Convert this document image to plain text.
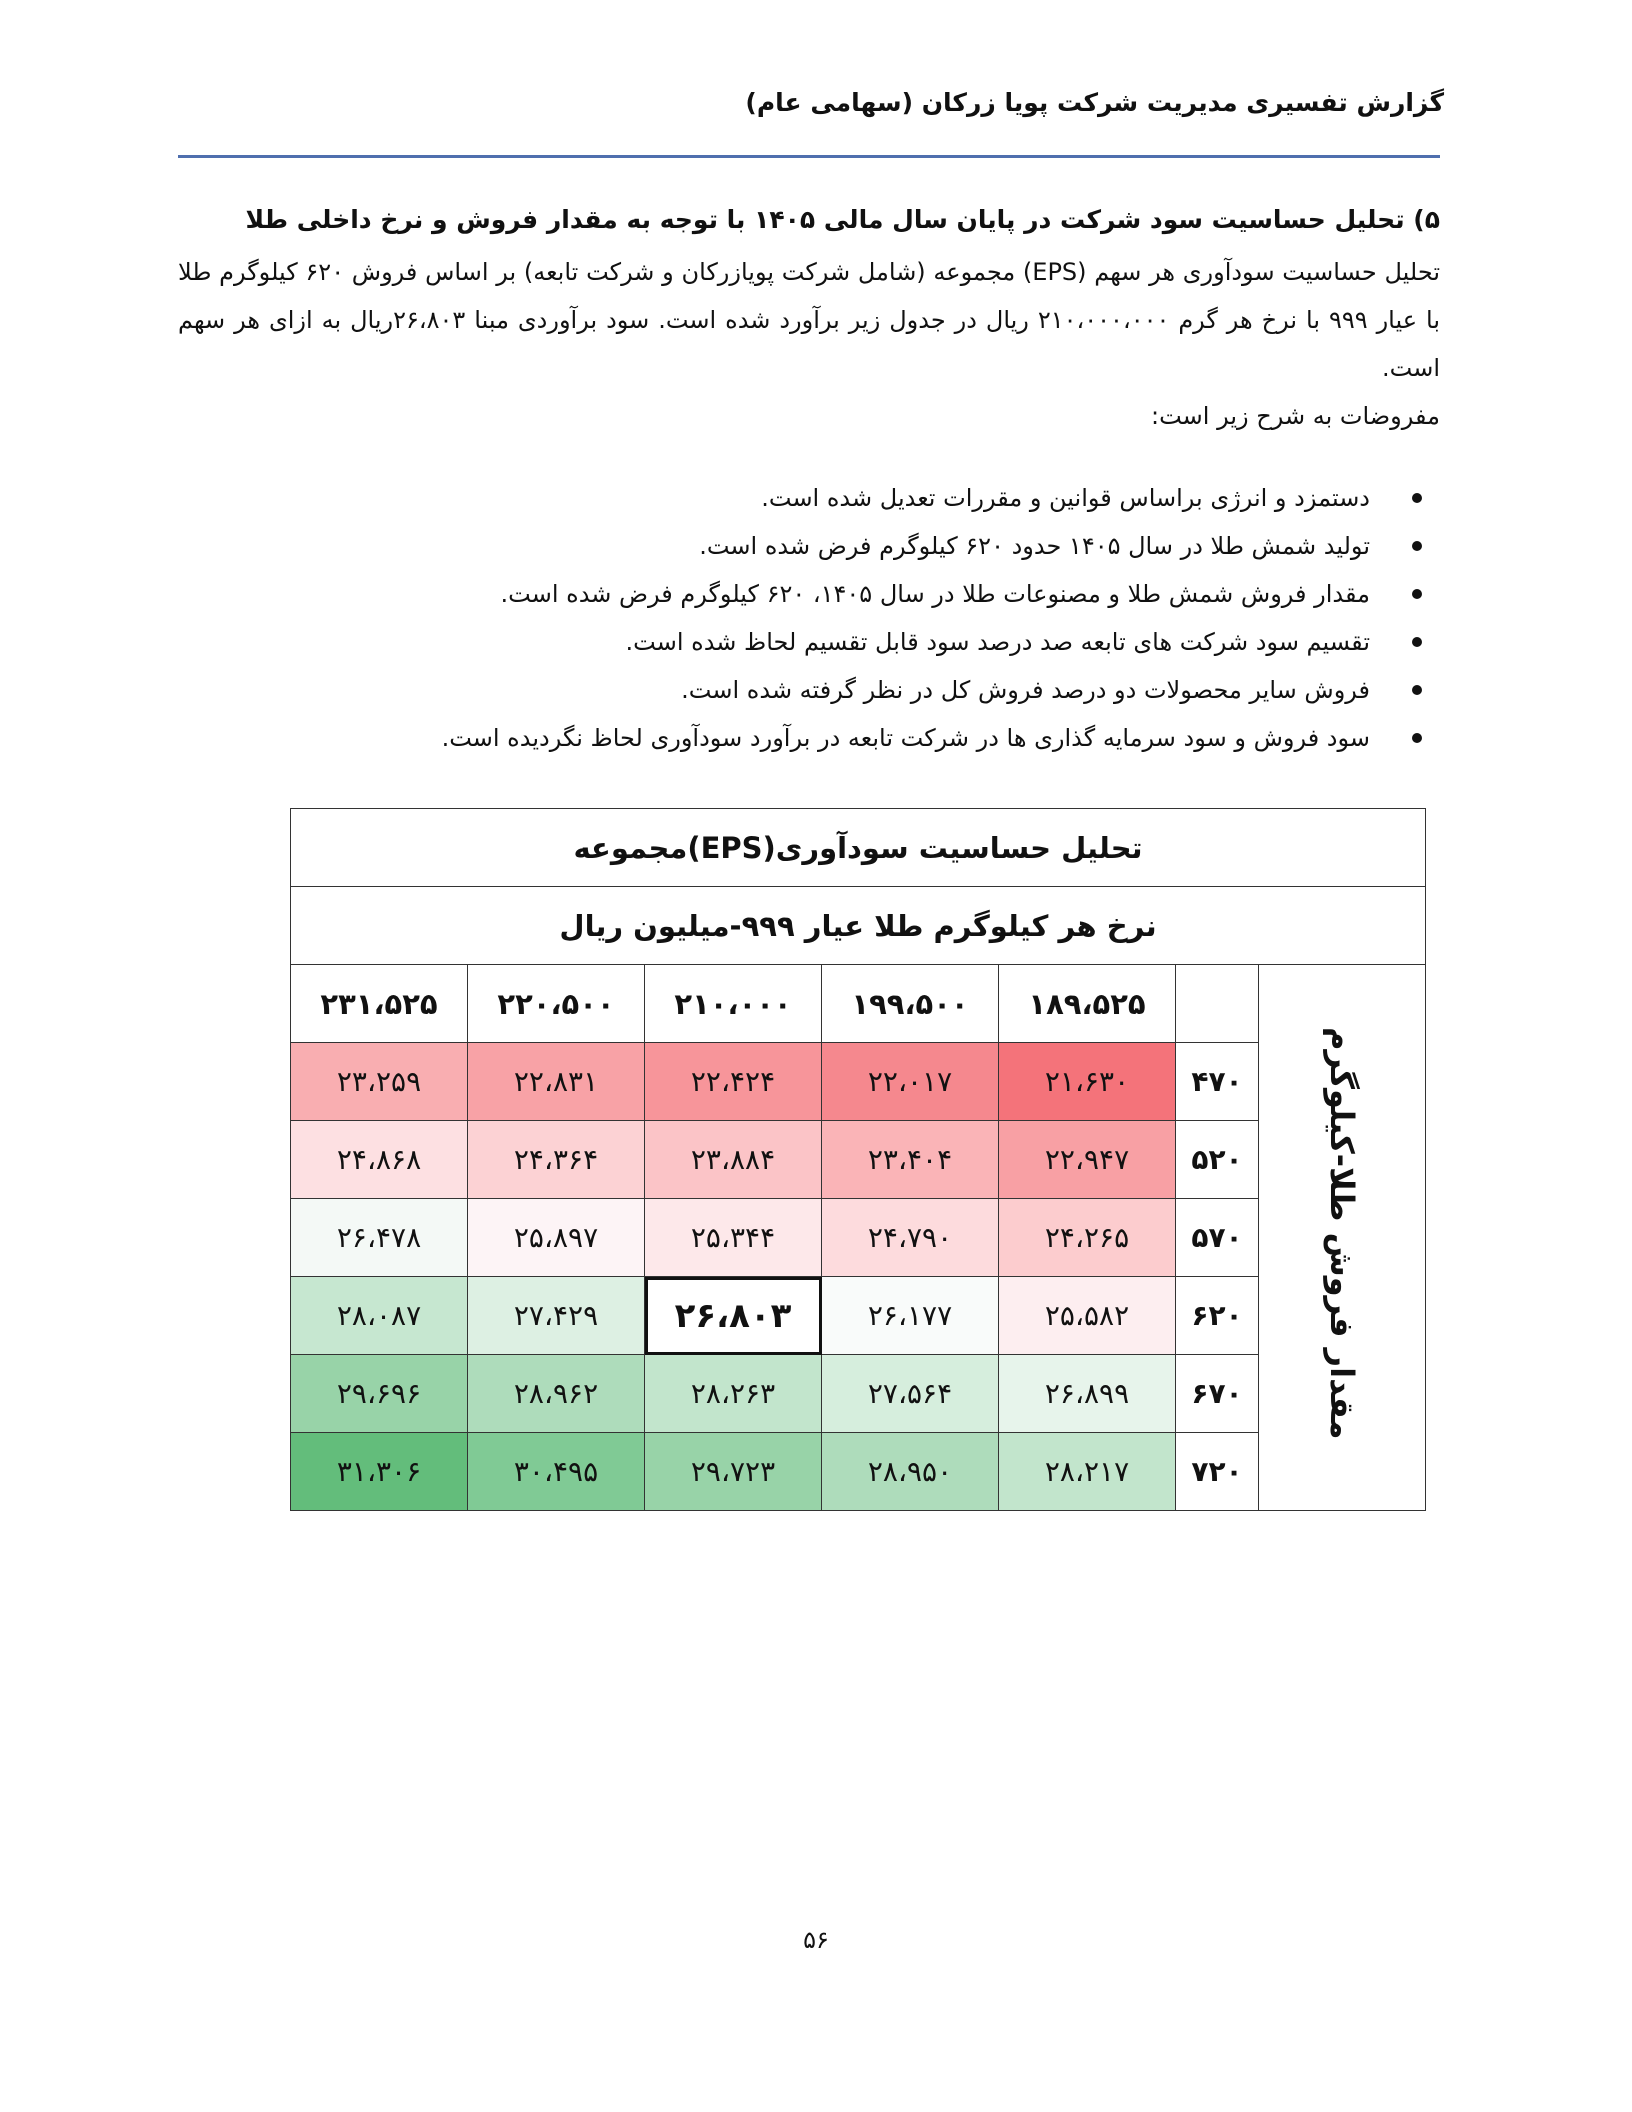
گزارش تفسیری مدیریت شرکت پویا زرکان (سهامی عام)

۵) تحلیل حساسیت سود شرکت در پایان سال مالی ۱۴۰۵ با توجه به مقدار فروش و نرخ داخلی طلا

تحلیل حساسیت سودآوری هر سهم (EPS) مجموعه (شامل شرکت پویازرکان و شرکت تابعه) بر اساس فروش ۶۲۰ کیلوگرم طلا با عیار ۹۹۹ با نرخ هر گرم ۲۱۰،۰۰۰،۰۰۰ ریال در جدول زیر برآورد شده است. سود برآوردی مبنا ۲۶،۸۰۳ریال به ازای هر سهم است.

مفروضات به شرح زیر است:

دستمزد و انرژی براساس قوانین و مقررات تعدیل شده است.
تولید شمش طلا در سال ۱۴۰۵ حدود ۶۲۰ کیلوگرم فرض شده است.
مقدار فروش شمش طلا و مصنوعات طلا در سال ۱۴۰۵، ۶۲۰ کیلوگرم فرض شده است.
تقسیم سود شرکت های تابعه صد درصد سود قابل تقسیم لحاظ شده است.
فروش سایر محصولات دو درصد فروش کل در نظر گرفته شده است.
سود فروش و سود سرمایه گذاری ها در شرکت تابعه در برآورد سودآوری لحاظ نگردیده است.
تحلیل حساسیت سودآوری(EPS)مجموعه						
نرخ هر کیلوگرم طلا عیار ۹۹۹-میلیون ریال						
مقدار فروش طلا-کیلوگرم		۱۸۹،۵۲۵	۱۹۹،۵۰۰	۲۱۰،۰۰۰	۲۲۰،۵۰۰	۲۳۱،۵۲۵
	۴۷۰	۲۱،۶۳۰	۲۲،۰۱۷	۲۲،۴۲۴	۲۲،۸۳۱	۲۳،۲۵۹
	۵۲۰	۲۲،۹۴۷	۲۳،۴۰۴	۲۳،۸۸۴	۲۴،۳۶۴	۲۴،۸۶۸
	۵۷۰	۲۴،۲۶۵	۲۴،۷۹۰	۲۵،۳۴۴	۲۵،۸۹۷	۲۶،۴۷۸
	۶۲۰	۲۵،۵۸۲	۲۶،۱۷۷	۲۶،۸۰۳	۲۷،۴۲۹	۲۸،۰۸۷
	۶۷۰	۲۶،۸۹۹	۲۷،۵۶۴	۲۸،۲۶۳	۲۸،۹۶۲	۲۹،۶۹۶
	۷۲۰	۲۸،۲۱۷	۲۸،۹۵۰	۲۹،۷۲۳	۳۰،۴۹۵	۳۱،۳۰۶
۵۶
